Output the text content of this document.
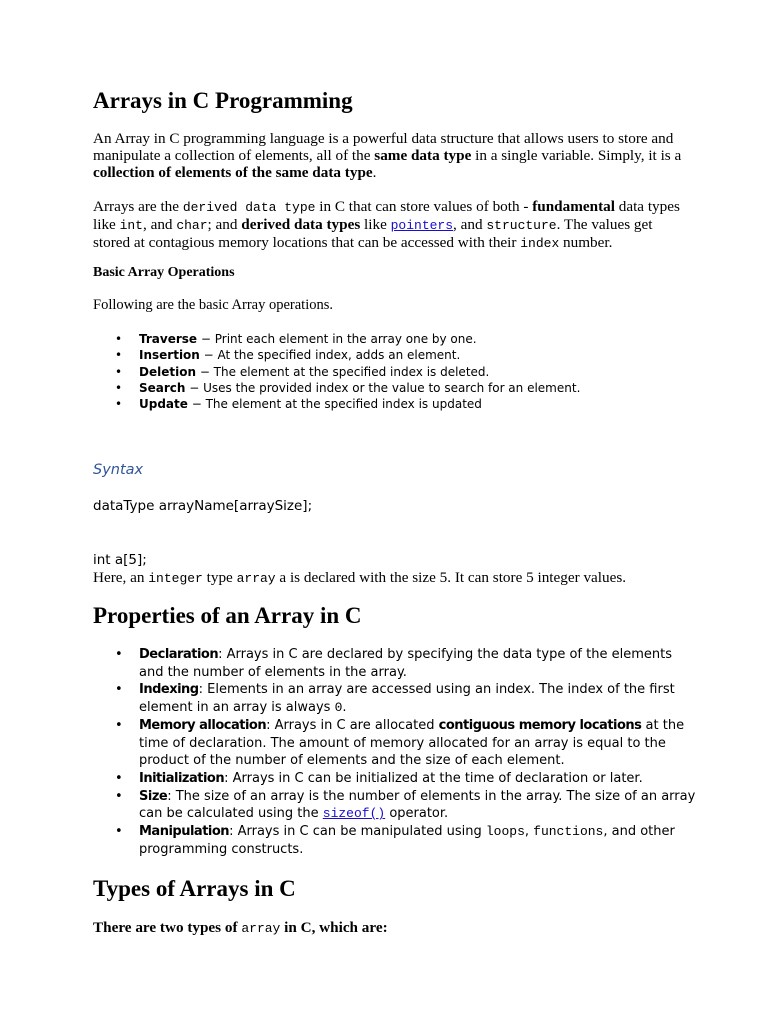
Arrays in C Programming

An Array in C programming language is a powerful data structure that allows users to store and manipulate a collection of elements, all of the same data type in a single variable. Simply, it is a collection of elements of the same data type.

Arrays are the derived data type in C that can store values of both - fundamental data types like int, and char; and derived data types like pointers, and structure. The values get stored at contagious memory locations that can be accessed with their index number.

Basic Array Operations

Following are the basic Array operations.

• Traverse − Print each element in the array one by one.
• Insertion − At the specified index, adds an element.
• Deletion − The element at the specified index is deleted.
• Search − Uses the provided index or the value to search for an element.
• Update − The element at the specified index is updated
Syntax
dataType arrayName[arraySize];
int a[5];

Here, an integer type array a is declared with the size 5. It can store 5 integer values.

Properties of an Array in C
• Declaration: Arrays in C are declared by specifying the data type of the elements and the number of elements in the array.
• Indexing: Elements in an array are accessed using an index. The index of the first element in an array is always 0.
• Memory allocation: Arrays in C are allocated contiguous memory locations at the time of declaration. The amount of memory allocated for an array is equal to the product of the number of elements and the size of each element.
• Initialization: Arrays in C can be initialized at the time of declaration or later.
• Size: The size of an array is the number of elements in the array. The size of an array can be calculated using the sizeof() operator.
• Manipulation: Arrays in C can be manipulated using loops, functions, and other programming constructs.
Types of Arrays in C

There are two types of array in C, which are:
